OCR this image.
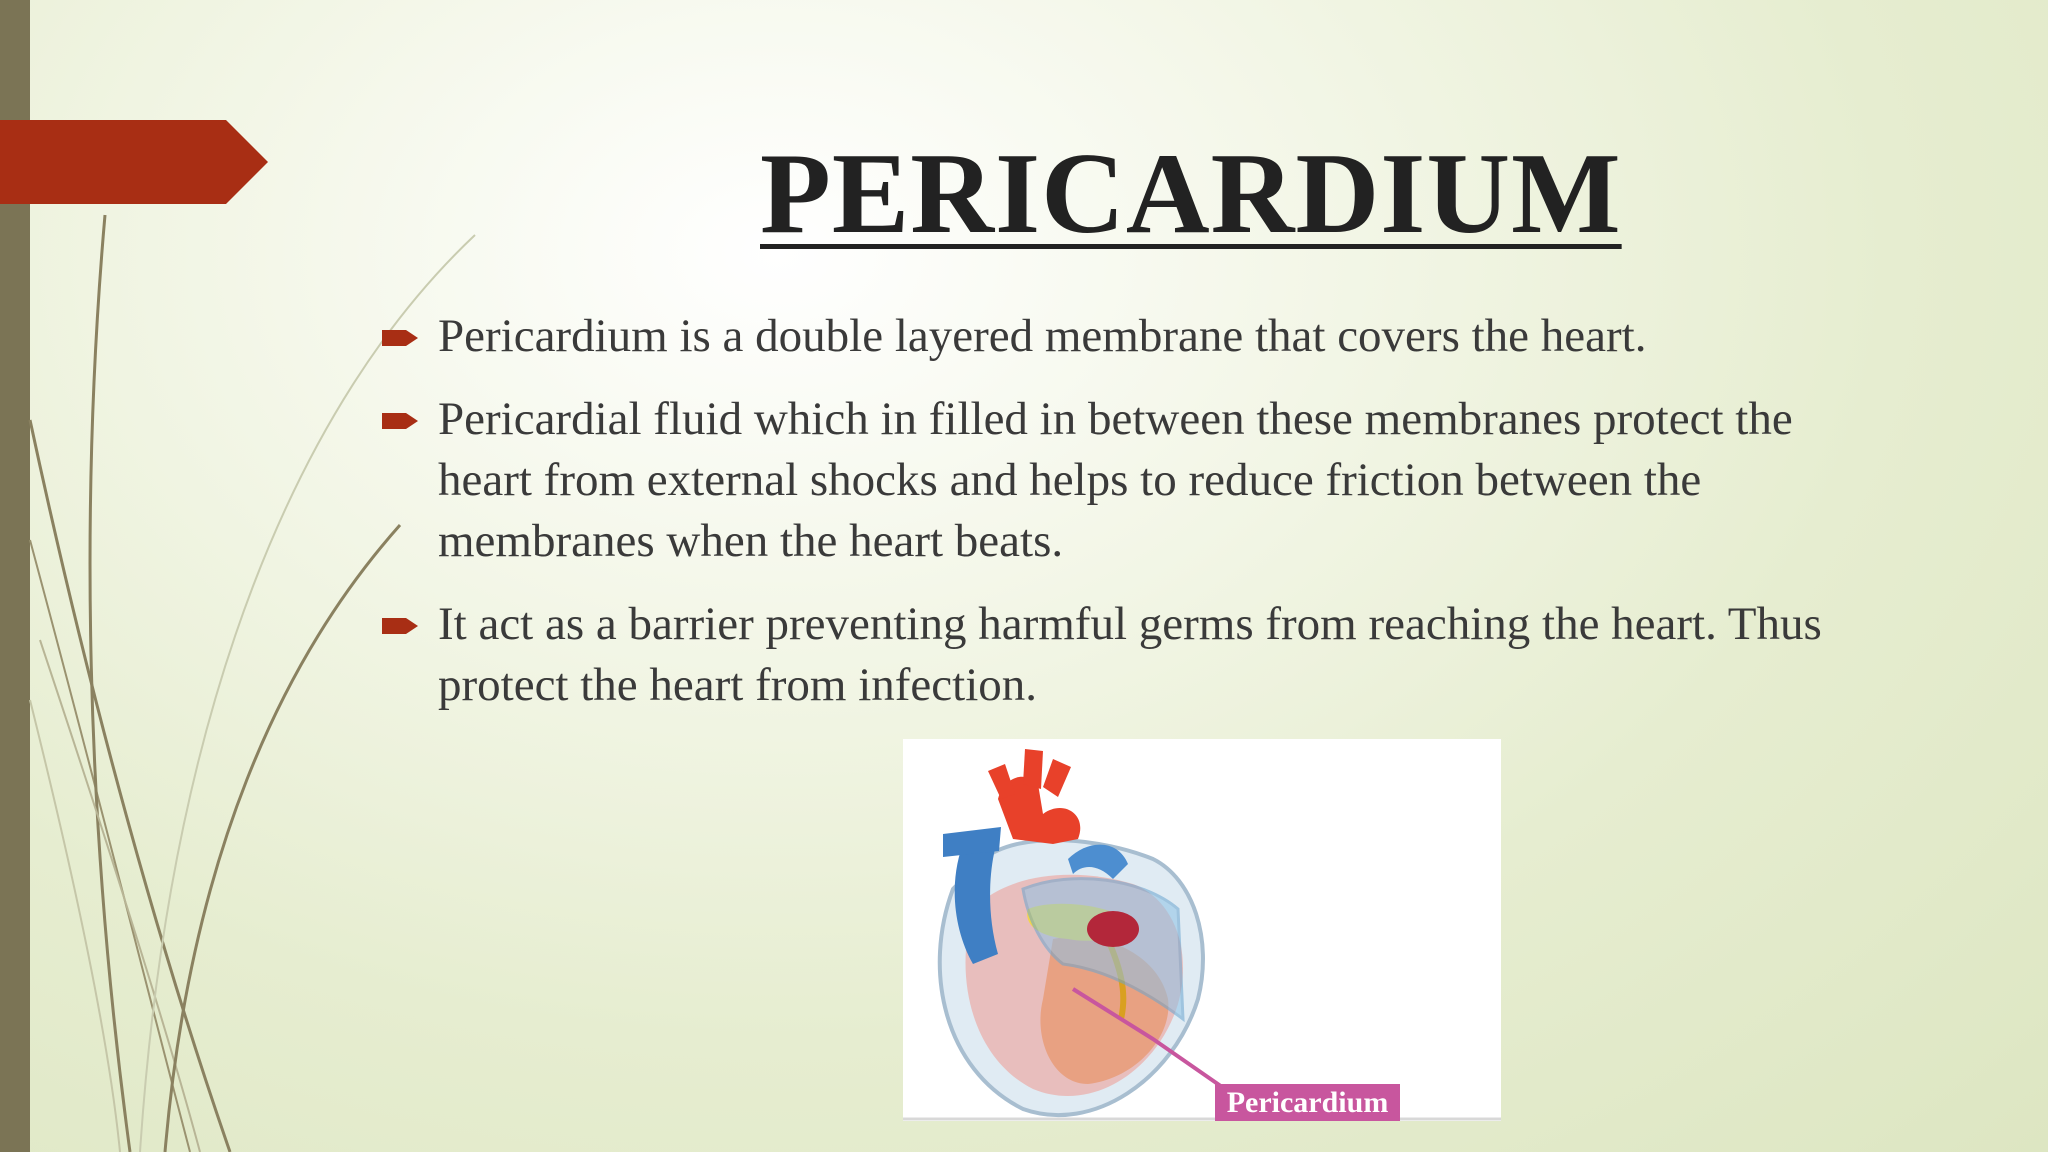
PERICARDIUM
Pericardium is a double layered membrane that covers the heart.
Pericardial fluid which in filled in between these membranes protect the heart from external shocks and helps to reduce friction between the membranes when the heart beats.
It act as a barrier preventing harmful germs from reaching the heart. Thus protect the heart from infection.
Pericardium
